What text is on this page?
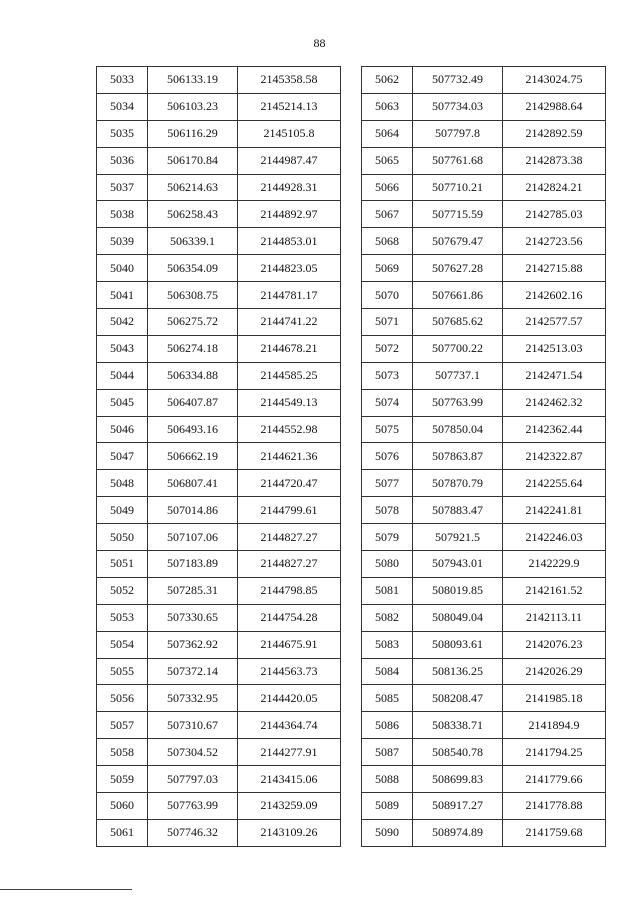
88
5033	506133.19	2145358.58
5034	506103.23	2145214.13
5035	506116.29	2145105.8
5036	506170.84	2144987.47
5037	506214.63	2144928.31
5038	506258.43	2144892.97
5039	506339.1	2144853.01
5040	506354.09	2144823.05
5041	506308.75	2144781.17
5042	506275.72	2144741.22
5043	506274.18	2144678.21
5044	506334.88	2144585.25
5045	506407.87	2144549.13
5046	506493.16	2144552.98
5047	506662.19	2144621.36
5048	506807.41	2144720.47
5049	507014.86	2144799.61
5050	507107.06	2144827.27
5051	507183.89	2144827.27
5052	507285.31	2144798.85
5053	507330.65	2144754.28
5054	507362.92	2144675.91
5055	507372.14	2144563.73
5056	507332.95	2144420.05
5057	507310.67	2144364.74
5058	507304.52	2144277.91
5059	507797.03	2143415.06
5060	507763.99	2143259.09
5061	507746.32	2143109.26
5062	507732.49	2143024.75
5063	507734.03	2142988.64
5064	507797.8	2142892.59
5065	507761.68	2142873.38
5066	507710.21	2142824.21
5067	507715.59	2142785.03
5068	507679.47	2142723.56
5069	507627.28	2142715.88
5070	507661.86	2142602.16
5071	507685.62	2142577.57
5072	507700.22	2142513.03
5073	507737.1	2142471.54
5074	507763.99	2142462.32
5075	507850.04	2142362.44
5076	507863.87	2142322.87
5077	507870.79	2142255.64
5078	507883.47	2142241.81
5079	507921.5	2142246.03
5080	507943.01	2142229.9
5081	508019.85	2142161.52
5082	508049.04	2142113.11
5083	508093.61	2142076.23
5084	508136.25	2142026.29
5085	508208.47	2141985.18
5086	508338.71	2141894.9
5087	508540.78	2141794.25
5088	508699.83	2141779.66
5089	508917.27	2141778.88
5090	508974.89	2141759.68
